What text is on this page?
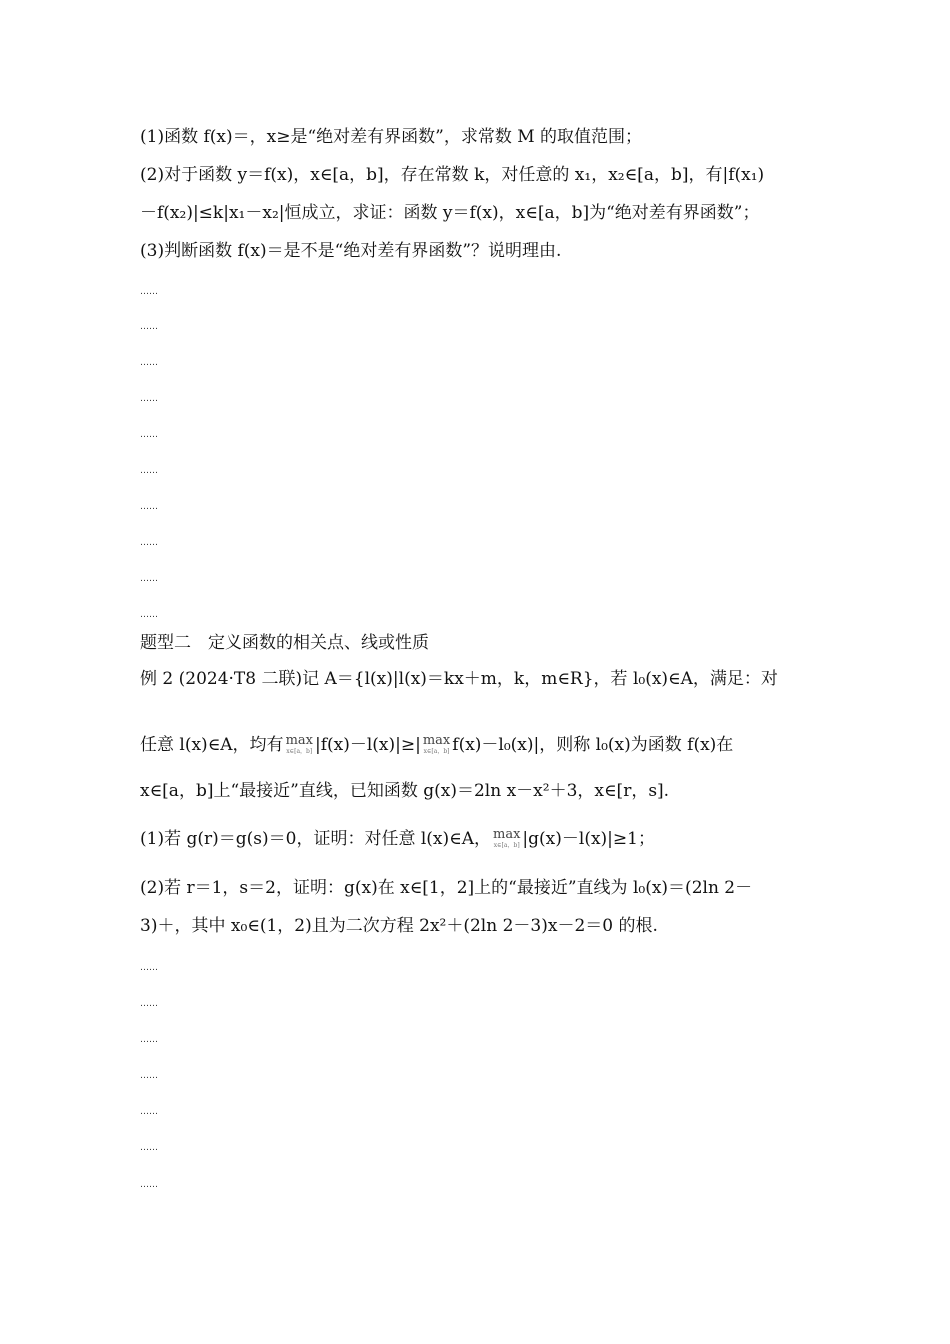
(1)函数 f(x)＝，x≥是“绝对差有界函数”，求常数 M 的取值范围；
(2)对于函数 y＝f(x)，x∈[a，b]，存在常数 k，对任意的 x₁，x₂∈[a，b]，有|f(x₁)
－f(x₂)|≤k|x₁－x₂|恒成立，求证：函数 y＝f(x)，x∈[a，b]为“绝对差有界函数”；
(3)判断函数 f(x)＝是不是“绝对差有界函数”？说明理由.
……
……
……
……
……
……
……
……
……
……
题型二　定义函数的相关点、线或性质
例 2 (2024·T8 二联)记 A＝{l(x)|l(x)＝kx＋m，k，m∈R}，若 l₀(x)∈A，满足：对
任意 l(x)∈A，均有 max
x∈[a，b] |f(x)－l(x)|≥| max
x∈[a，b] f(x)－l₀(x)|，则称 l₀(x)为函数 f(x)在
x∈[a，b]上“最接近”直线，已知函数 g(x)＝2ln x－x²＋3，x∈[r，s].
(1)若 g(r)＝g(s)＝0，证明：对任意 l(x)∈A， max
x∈[a，b] |g(x)－l(x)|≥1；
(2)若 r＝1，s＝2，证明：g(x)在 x∈[1，2]上的“最接近”直线为 l₀(x)＝(2ln 2－
3)＋，其中 x₀∈(1，2)且为二次方程 2x²＋(2ln 2－3)x－2＝0 的根.
……
……
……
……
……
……
……
